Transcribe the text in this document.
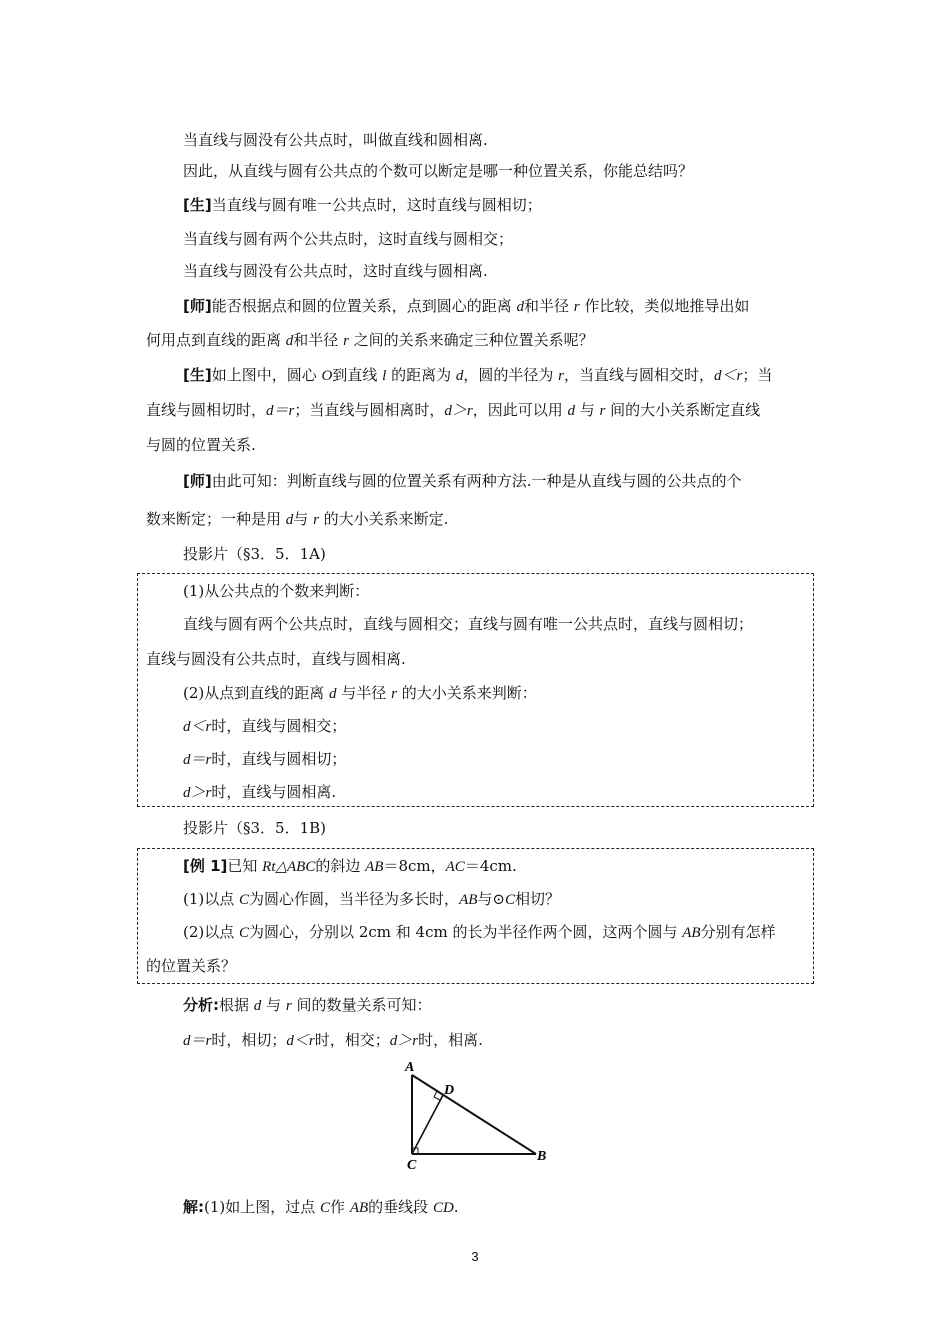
当直线与圆没有公共点时，叫做直线和圆相离.
因此，从直线与圆有公共点的个数可以断定是哪一种位置关系，你能总结吗？
[生]当直线与圆有唯一公共点时，这时直线与圆相切；
当直线与圆有两个公共点时，这时直线与圆相交；
当直线与圆没有公共点时，这时直线与圆相离.
[师]能否根据点和圆的位置关系，点到圆心的距离 d和半径 r 作比较，类似地推导出如
何用点到直线的距离 d和半径 r 之间的关系来确定三种位置关系呢？
[生]如上图中，圆心 O到直线 l 的距离为 d，圆的半径为 r，当直线与圆相交时，d＜r；当
直线与圆相切时，d＝r；当直线与圆相离时，d＞r，因此可以用 d 与 r 间的大小关系断定直线
与圆的位置关系.
[师]由此可知：判断直线与圆的位置关系有两种方法.一种是从直线与圆的公共点的个
数来断定；一种是用 d与 r 的大小关系来断定.
投影片（§3．5．1A)
(1)从公共点的个数来判断：
直线与圆有两个公共点时，直线与圆相交；直线与圆有唯一公共点时，直线与圆相切；
直线与圆没有公共点时，直线与圆相离.
(2)从点到直线的距离 d 与半径 r 的大小关系来判断：
d＜r时，直线与圆相交；
d＝r时，直线与圆相切；
d＞r时，直线与圆相离.
投影片（§3．5．1B)
[例 1]已知 Rt△ABC的斜边 AB＝8cm，AC＝4cm.
(1)以点 C为圆心作圆，当半径为多长时，AB与⊙C相切？
(2)以点 C为圆心，分别以 2cm 和 4cm 的长为半径作两个圆，这两个圆与 AB分别有怎样
的位置关系？
分析:根据 d 与 r 间的数量关系可知：
d＝r时，相切；d＜r时，相交；d＞r时，相离.
A
D
C
B
解:(1)如上图，过点 C作 AB的垂线段 CD.
3
